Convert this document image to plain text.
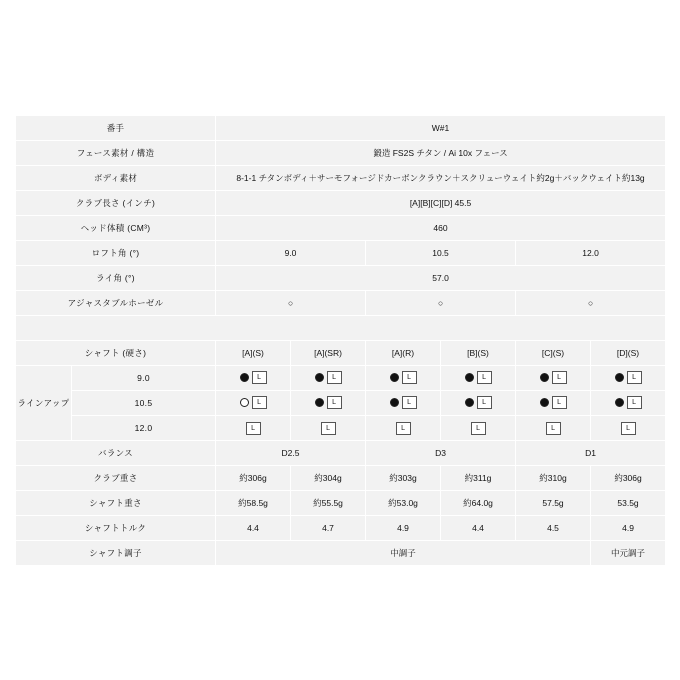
番手		W#1					
フェース素材 / 構造		鍛造 FS2S チタン / Ai 10x フェース					
ボディ素材		8-1-1 チタンボディ＋サーモフォージドカーボンクラウン＋スクリューウェイト約2g＋バックウェイト約13g					
クラブ長さ (インチ)		[A][B][C][D] 45.5					
ヘッド体積 (CM³)		460					
ロフト角 (°)		9.0		10.5		12.0	
ライ角 (°)		57.0					
アジャスタブルホーゼル		○		○		○	

シャフト (硬さ)		[A](S)	[A](SR)	[A](R)	[B](S)	[C](S)	[D](S)
ラインアップ	9.0	L	L	L	L	L	L

	10.5	L	L	L	L	L	L

	12.0	L	L	L	L	L	L

バランス		D2.5		D3		D1	
クラブ重さ		約306g	約304g	約303g	約311g	約310g	約306g
シャフト重さ		約58.5g	約55.5g	約53.0g	約64.0g	57.5g	53.5g
シャフトトルク		4.4	4.7	4.9	4.4	4.5	4.9
シャフト調子		中調子					中元調子
